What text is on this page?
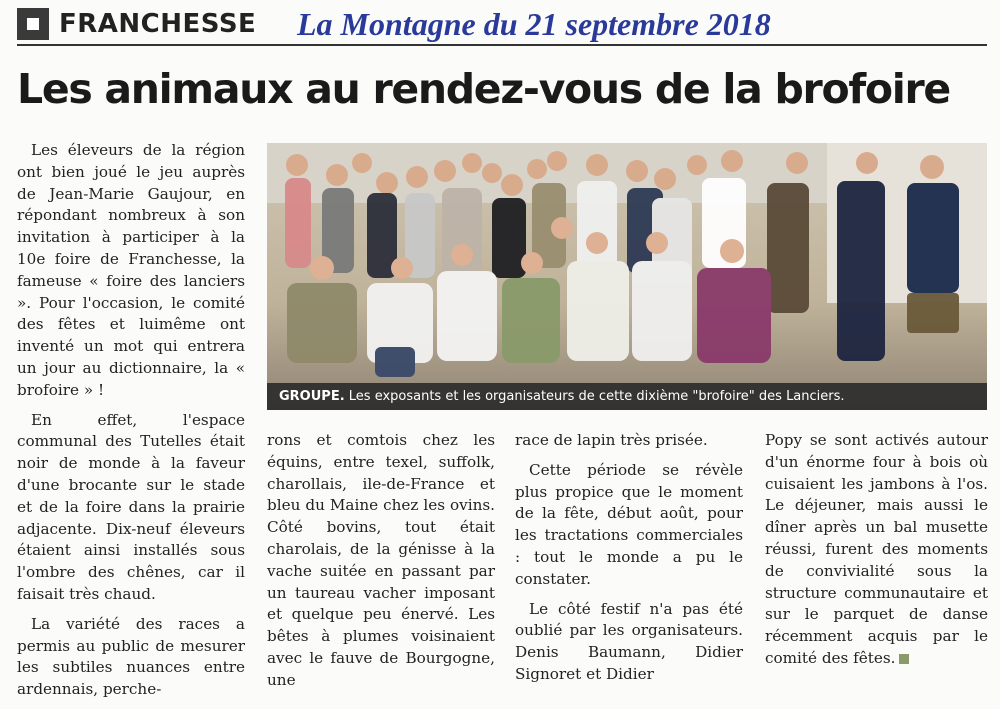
FRANCHESSE La Montagne du 21 septembre 2018
Les animaux au rendez-vous de la brofoire

Les éleveurs de la région ont bien joué le jeu auprès de Jean-Marie Gaujour, en répondant nombreux à son invitation à participer à la 10e foire de Franchesse, la fameuse « foire des lanciers ». Pour l'occasion, le comité des fêtes et luimême ont inventé un mot qui entrera un jour au dictionnaire, la « brofoire » !

En effet, l'espace communal des Tutelles était noir de monde à la faveur d'une brocante sur le stade et de la foire dans la prairie adjacente. Dix-neuf éleveurs étaient ainsi installés sous l'ombre des chênes, car il faisait très chaud.

La variété des races a permis au public de mesurer les subtiles nuances entre ardennais, perche-

GROUPE. Les exposants et les organisateurs de cette dixième "brofoire" des Lanciers.

rons et comtois chez les équins, entre texel, suffolk, charollais, ile-de-France et bleu du Maine chez les ovins. Côté bovins, tout était charolais, de la génisse à la vache suitée en passant par un taureau vacher imposant et quelque peu énervé. Les bêtes à plumes voisinaient avec le fauve de Bourgogne, une

race de lapin très prisée.

Cette période se révèle plus propice que le moment de la fête, début août, pour les tractations commerciales : tout le monde a pu le constater.

Le côté festif n'a pas été oublié par les organisateurs. Denis Baumann, Didier Signoret et Didier

Popy se sont activés autour d'un énorme four à bois où cuisaient les jambons à l'os. Le déjeuner, mais aussi le dîner après un bal musette réussi, furent des moments de convivialité sous la structure communautaire et sur le parquet de danse récemment acquis par le comité des fêtes.
